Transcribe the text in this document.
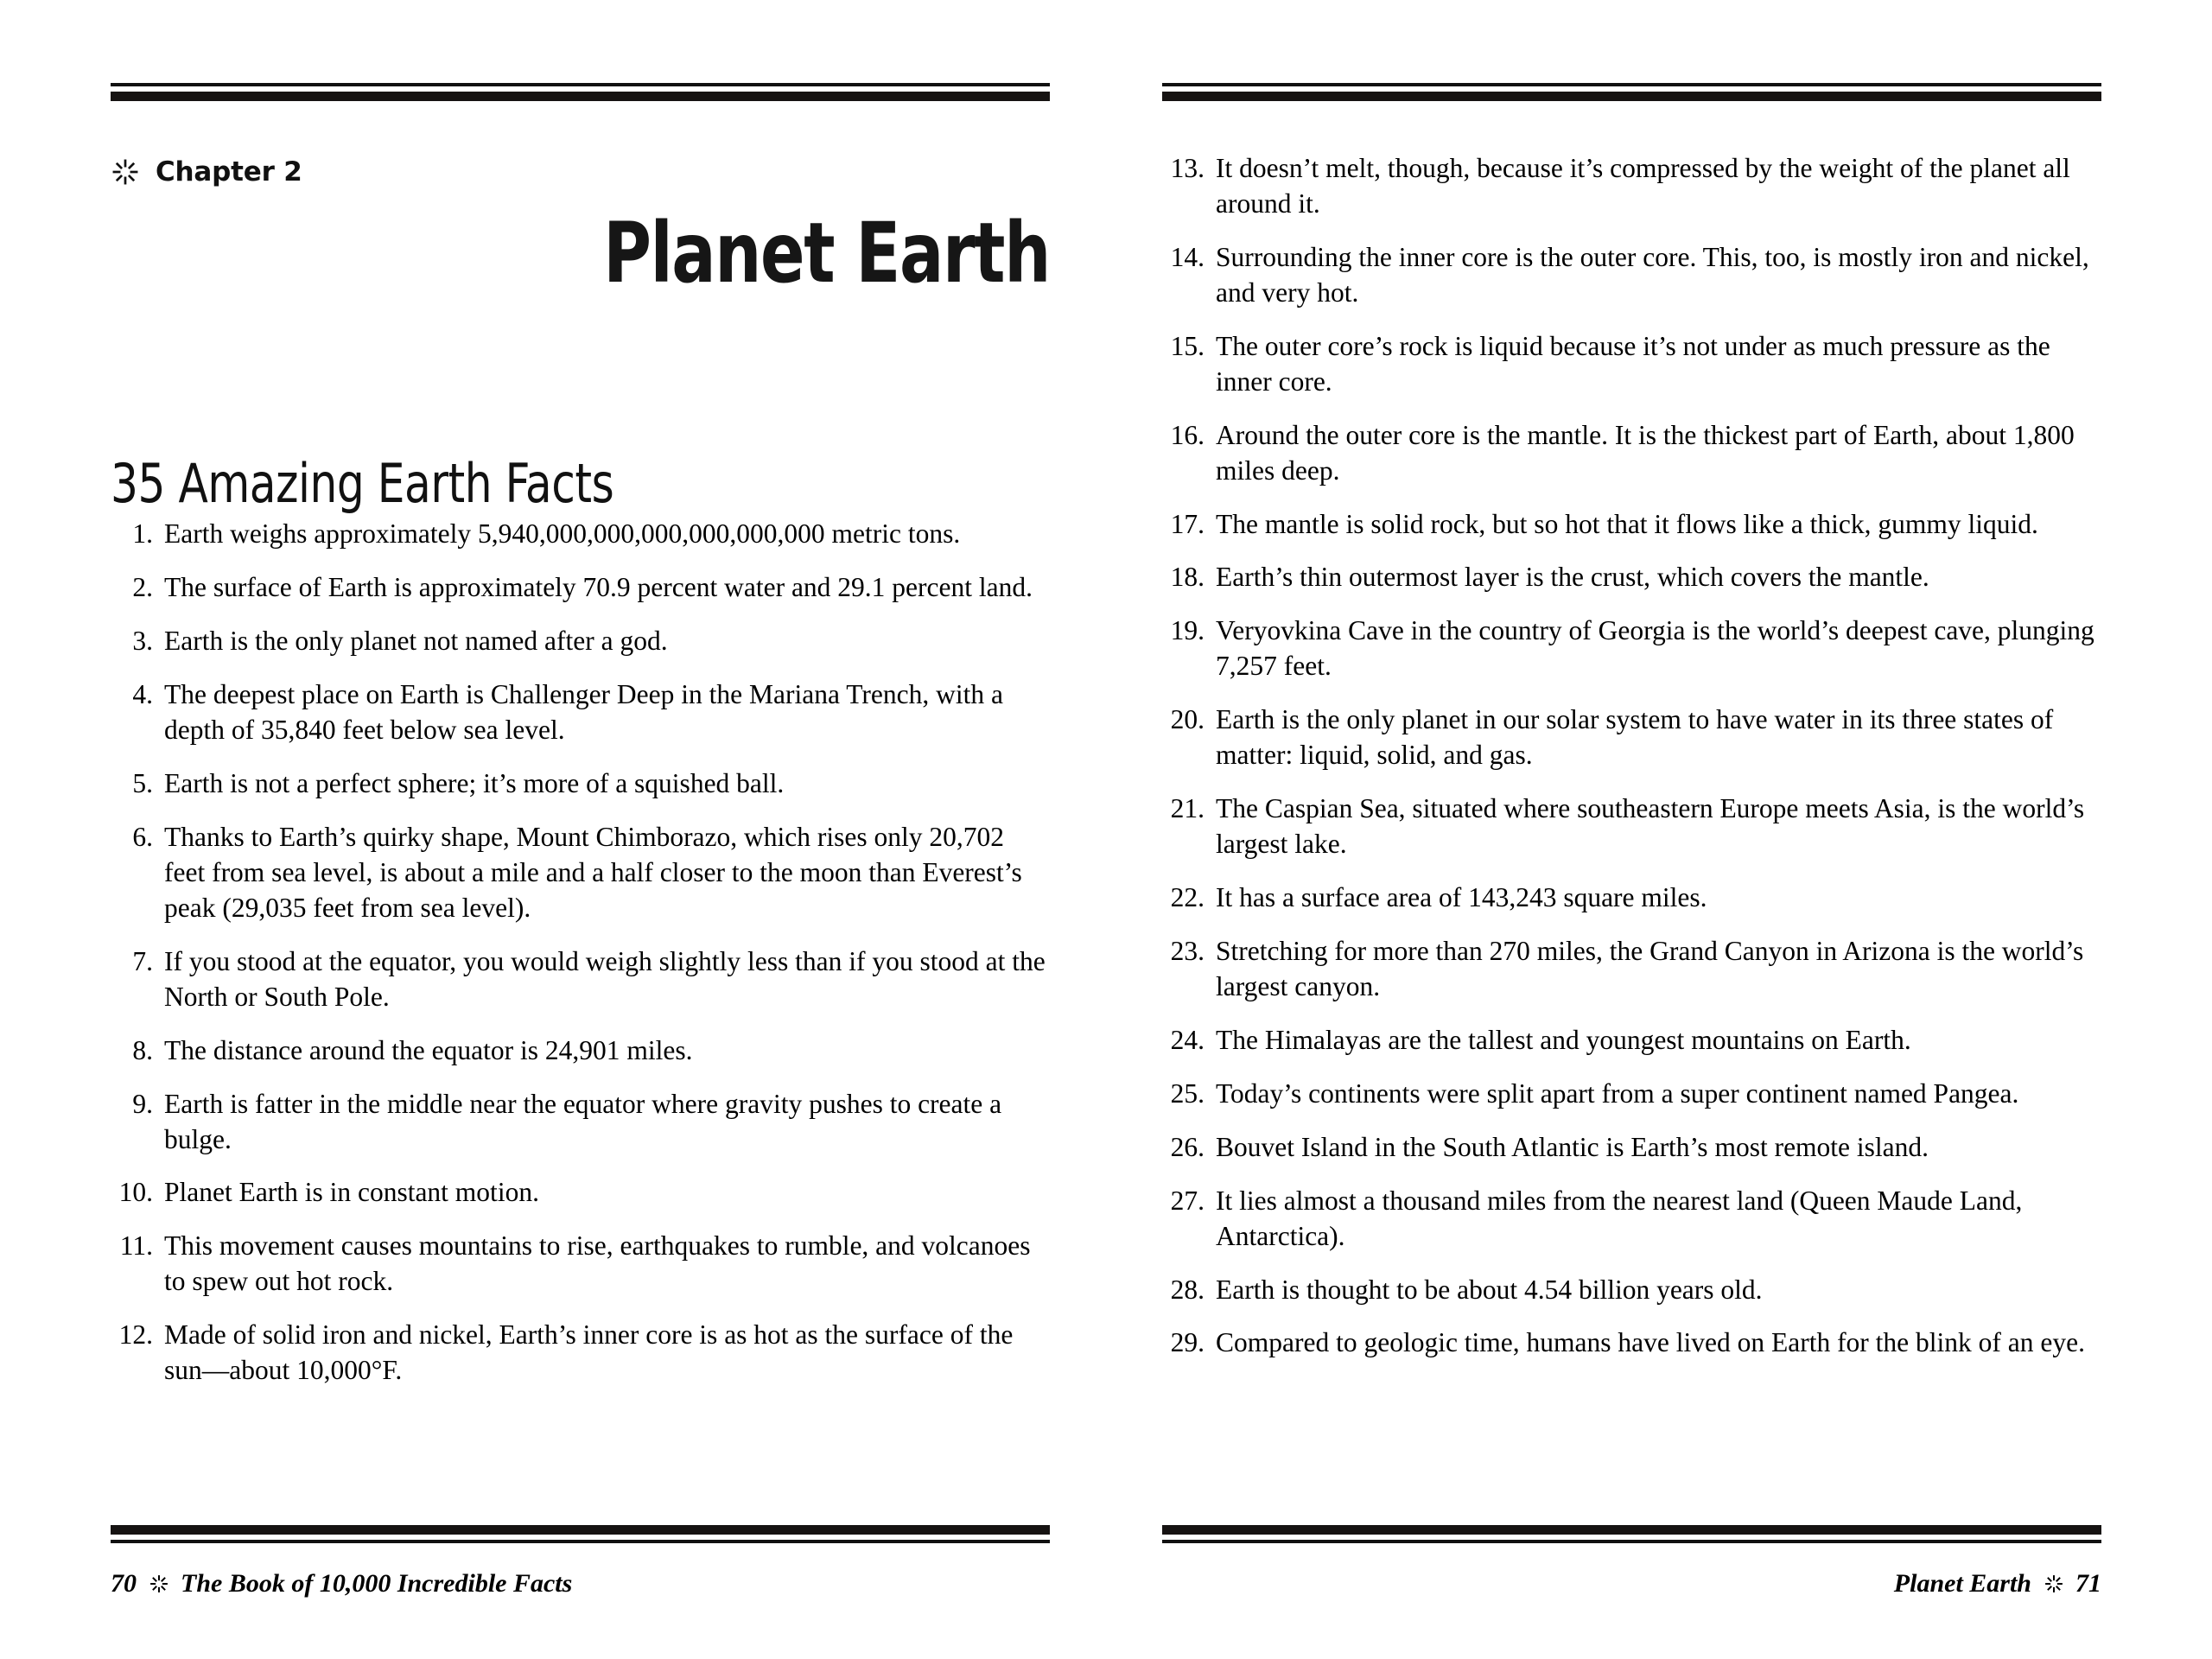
Chapter 2
Planet Earth
35 Amazing Earth Facts
1. Earth weighs approximately 5,940,000,000,000,000,000,000 metric tons.
2. The surface of Earth is approximately 70.9 percent water and 29.1 percent land.
3. Earth is the only planet not named after a god.
4. The deepest place on Earth is Challenger Deep in the Mariana Trench, with a depth of 35,840 feet below sea level.
5. Earth is not a perfect sphere; it’s more of a squished ball.
6. Thanks to Earth’s quirky shape, Mount Chimborazo, which rises only 20,702 feet from sea level, is about a mile and a half closer to the moon than Everest’s peak (29,035 feet from sea level).
7. If you stood at the equator, you would weigh slightly less than if you stood at the North or South Pole.
8. The distance around the equator is 24,901 miles.
9. Earth is fatter in the middle near the equator where gravity pushes to create a bulge.
10. Planet Earth is in constant motion.
11. This movement causes mountains to rise, earthquakes to rumble, and volcanoes to spew out hot rock.
12. Made of solid iron and nickel, Earth’s inner core is as hot as the surface of the sun—about 10,000°F.
70 The Book of 10,000 Incredible Facts
13. It doesn’t melt, though, because it’s compressed by the weight of the planet all around it.
14. Surrounding the inner core is the outer core. This, too, is mostly iron and nickel, and very hot.
15. The outer core’s rock is liquid because it’s not under as much pressure as the inner core.
16. Around the outer core is the mantle. It is the thickest part of Earth, about 1,800 miles deep.
17. The mantle is solid rock, but so hot that it flows like a thick, gummy liquid.
18. Earth’s thin outermost layer is the crust, which covers the mantle.
19. Veryovkina Cave in the country of Georgia is the world’s deepest cave, plunging 7,257 feet.
20. Earth is the only planet in our solar system to have water in its three states of matter: liquid, solid, and gas.
21. The Caspian Sea, situated where southeastern Europe meets Asia, is the world’s largest lake.
22. It has a surface area of 143,243 square miles.
23. Stretching for more than 270 miles, the Grand Canyon in Arizona is the world’s largest canyon.
24. The Himalayas are the tallest and youngest mountains on Earth.
25. Today’s continents were split apart from a super continent named Pangea.
26. Bouvet Island in the South Atlantic is Earth’s most remote island.
27. It lies almost a thousand miles from the nearest land (Queen Maude Land, Antarctica).
28. Earth is thought to be about 4.54 billion years old.
29. Compared to geologic time, humans have lived on Earth for the blink of an eye.
Planet Earth 71
